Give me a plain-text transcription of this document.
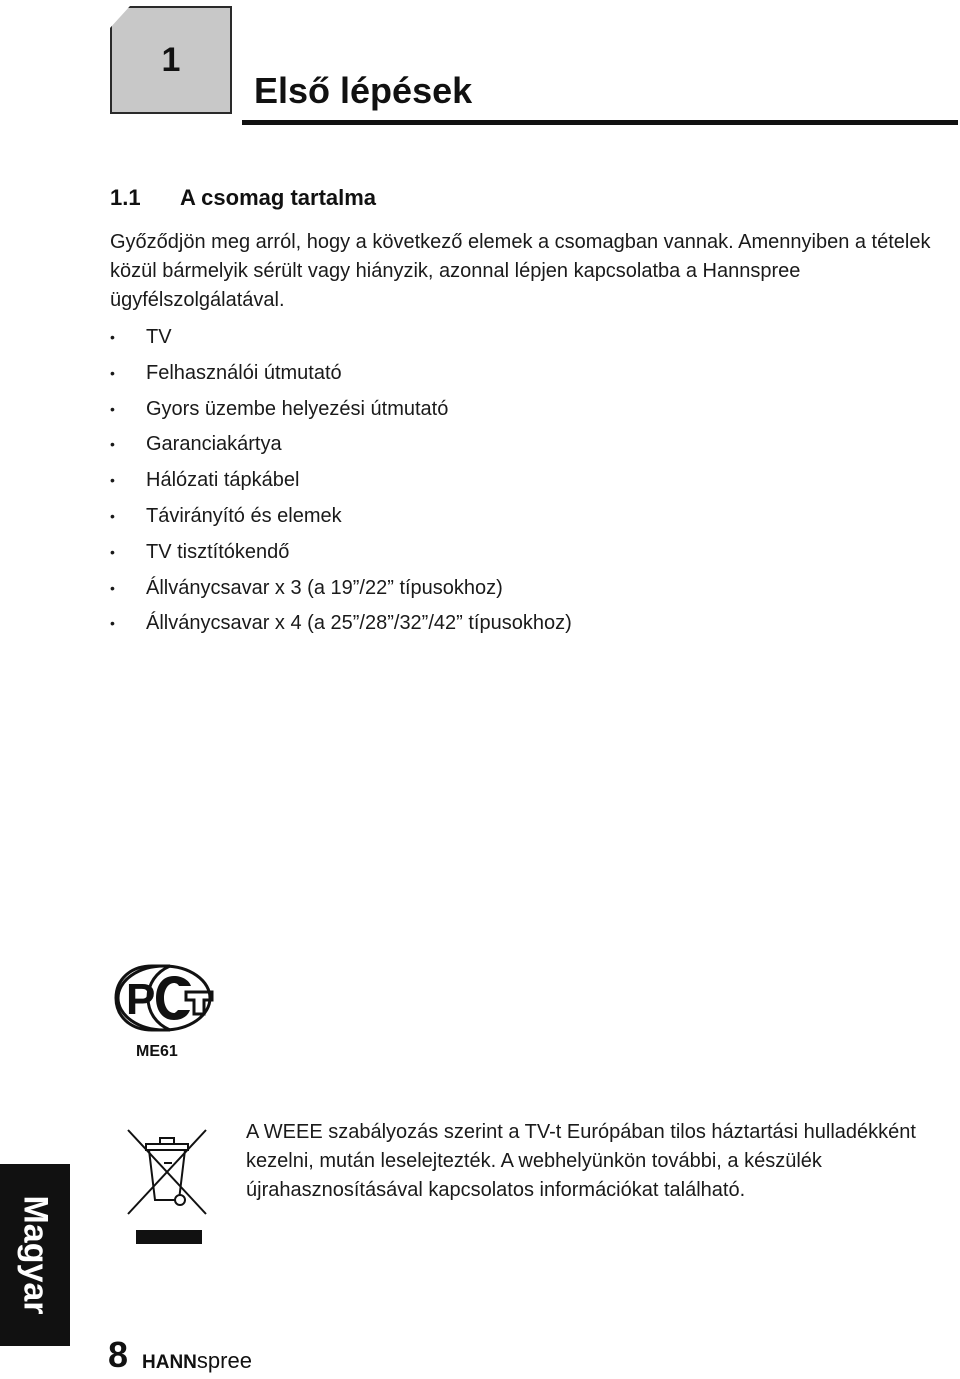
1
Első lépések
1.1 A csomag tartalma
Győződjön meg arról, hogy a következő elemek a csomagban vannak. Amennyiben a tételek közül bármelyik sérült vagy hiányzik, azonnal lépjen kapcsolatba a Hannspree ügyfélszolgálatával.
•	TV
•	Felhasználói útmutató
•	Gyors üzembe helyezési útmutató
•	Garanciakártya
•	Hálózati tápkábel
•	Távirányító és elemek
•	TV tisztítókendő
•	Állványcsavar x 3 (a 19”/22” típusokhoz)
•	Állványcsavar x 4 (a 25”/28”/32”/42” típusokhoz)
P
ME61
A WEEE szabályozás szerint a TV-t Európában tilos háztartási hulladékként kezelni, mután leselejtezték. A webhelyünkön további, a készülék újrahasznosításával kapcsolatos információkat található.
Magyar
8 HANNspree
